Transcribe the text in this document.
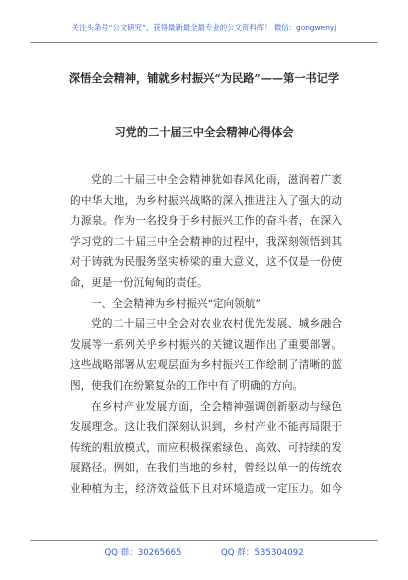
关注头条号“公文研究”，获得最新最全最专业的公文资料库！ 微信：gongwenyj
深悟全会精神，铺就乡村振兴“为民路”——第一书记学
习党的二十届三中全会精神心得体会
党的二十届三中全会精神犹如春风化雨，滋润着广袤
的中华大地，为乡村振兴战略的深入推进注入了强大的动
力源泉。作为一名投身于乡村振兴工作的奋斗者，在深入
学习党的二十届三中全会精神的过程中，我深刻领悟到其
对于铸就为民服务坚实桥梁的重大意义，这不仅是一份使
命，更是一份沉甸甸的责任。
一、全会精神为乡村振兴“定向领航”
党的二十届三中全会对农业农村优先发展、城乡融合
发展等一系列关乎乡村振兴的关键议题作出了重要部署。
这些战略部署从宏观层面为乡村振兴工作绘制了清晰的蓝
图，使我们在纷繁复杂的工作中有了明确的方向。
在乡村产业发展方面，全会精神强调创新驱动与绿色
发展理念。这让我们深刻认识到，乡村产业不能再局限于
传统的粗放模式，而应积极探索绿色、高效、可持续的发
展路径。例如，在我们当地的乡村，曾经以单一的传统农
业种植为主，经济效益低下且对环境造成一定压力。如今
QQ 群：30265665	QQ 群：535304092
